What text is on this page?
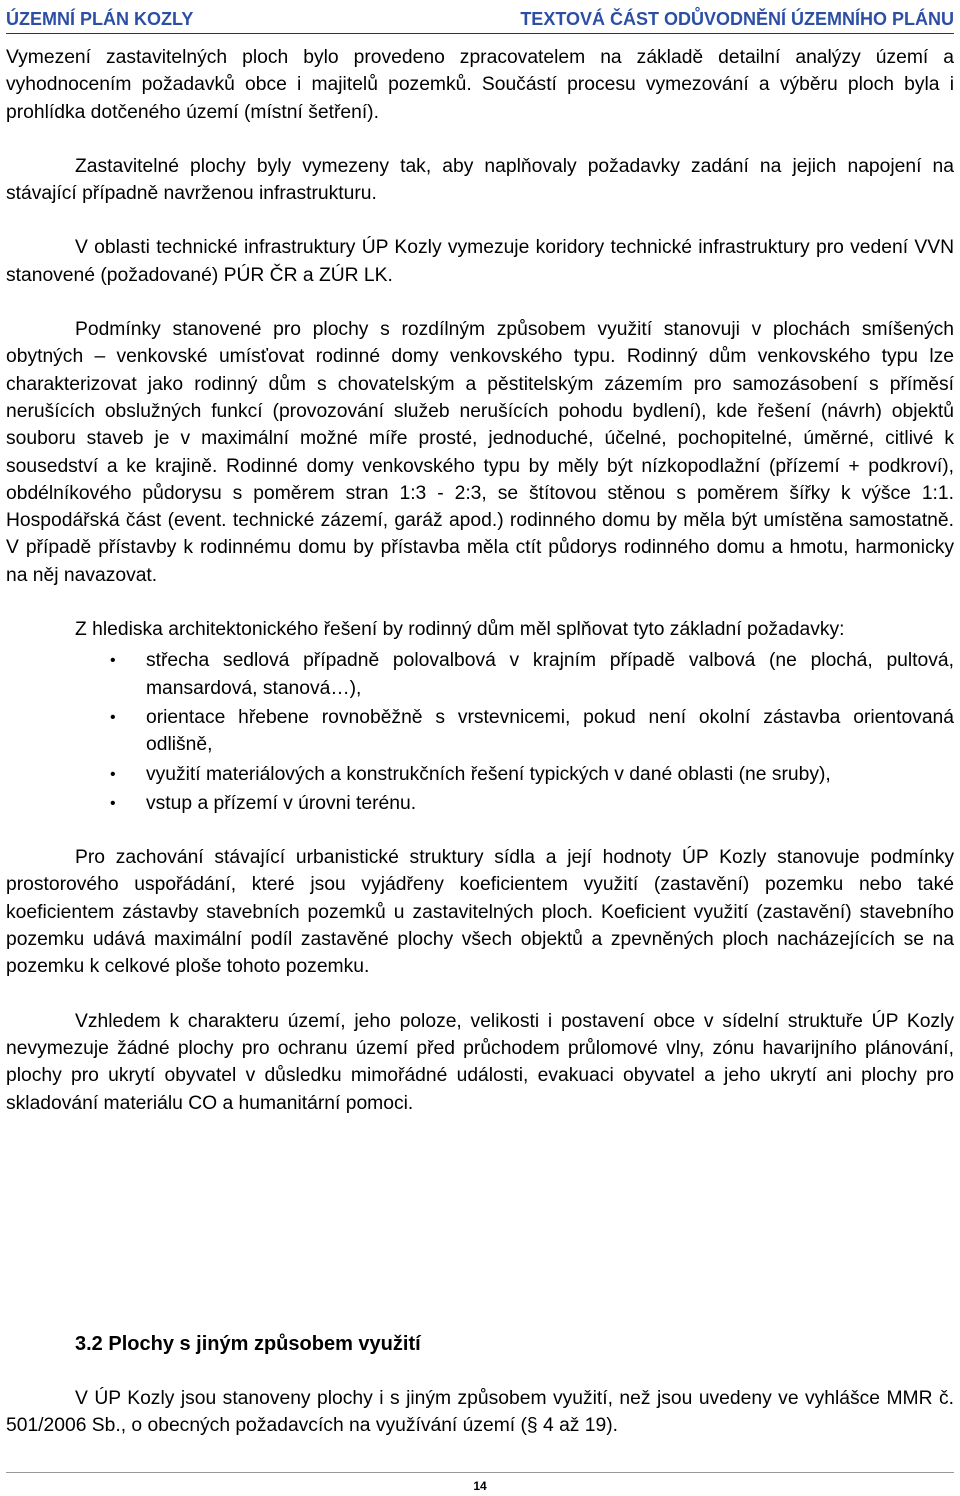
ÚZEMNÍ PLÁN KOZLY	TEXTOVÁ ČÁST ODŮVODNĚNÍ ÚZEMNÍHO PLÁNU

Vymezení zastavitelných ploch bylo provedeno zpracovatelem na základě detailní analýzy území a vyhodnocením požadavků obce i majitelů pozemků. Součástí procesu vymezování a výběru ploch byla i prohlídka dotčeného území (místní šetření).

Zastavitelné plochy byly vymezeny tak, aby naplňovaly požadavky zadání na jejich napojení na stávající případně navrženou infrastrukturu.

V oblasti technické infrastruktury ÚP Kozly vymezuje koridory technické infrastruktury pro vedení VVN stanovené (požadované) PÚR ČR a ZÚR LK.

Podmínky stanovené pro plochy s rozdílným způsobem využití stanovuji v plochách smíšených obytných – venkovské umísťovat rodinné domy venkovského typu. Rodinný dům venkovského typu lze charakterizovat jako rodinný dům s chovatelským a pěstitelským zázemím pro samozásobení s příměsí nerušících obslužných funkcí (provozování služeb nerušících pohodu bydlení), kde řešení (návrh) objektů souboru staveb je v maximální možné míře prosté, jednoduché, účelné, pochopitelné, úměrné, citlivé k sousedství a ke krajině. Rodinné domy venkovského typu by měly být nízkopodlažní (přízemí + podkroví), obdélníkového půdorysu s poměrem stran 1:3 - 2:3, se štítovou stěnou s poměrem šířky k výšce 1:1. Hospodářská část (event. technické zázemí, garáž apod.) rodinného domu by měla být umístěna samostatně. V případě přístavby k rodinnému domu by přístavba měla ctít půdorys rodinného domu a hmotu, harmonicky na něj navazovat.

Z hlediska architektonického řešení by rodinný dům měl splňovat tyto základní požadavky:

• střecha sedlová případně polovalbová v krajním případě valbová (ne plochá, pultová, mansardová, stanová…),
• orientace hřebene rovnoběžně s vrstevnicemi, pokud není okolní zástavba orientovaná odlišně,
• využití materiálových a konstrukčních řešení typických v dané oblasti (ne sruby),
• vstup a přízemí v úrovni terénu.

Pro zachování stávající urbanistické struktury sídla a její hodnoty ÚP Kozly stanovuje podmínky prostorového uspořádání, které jsou vyjádřeny koeficientem využití (zastavění) pozemku nebo také koeficientem zástavby stavebních pozemků u zastavitelných ploch. Koeficient využití (zastavění) stavebního pozemku udává maximální podíl zastavěné plochy všech objektů a zpevněných ploch nacházejících se na pozemku k celkové ploše tohoto pozemku.

Vzhledem k charakteru území, jeho poloze, velikosti i postavení obce v sídelní struktuře ÚP Kozly nevymezuje žádné plochy pro ochranu území před průchodem průlomové vlny, zónu havarijního plánování, plochy pro ukrytí obyvatel v důsledku mimořádné události, evakuaci obyvatel a jeho ukrytí ani plochy pro skladování materiálu CO a humanitární pomoci.

3.2 Plochy s jiným způsobem využití

V ÚP Kozly jsou stanoveny plochy i s jiným způsobem využití, než jsou uvedeny ve vyhlášce MMR č. 501/2006 Sb., o obecných požadavcích na využívání území (§ 4 až 19).

14
